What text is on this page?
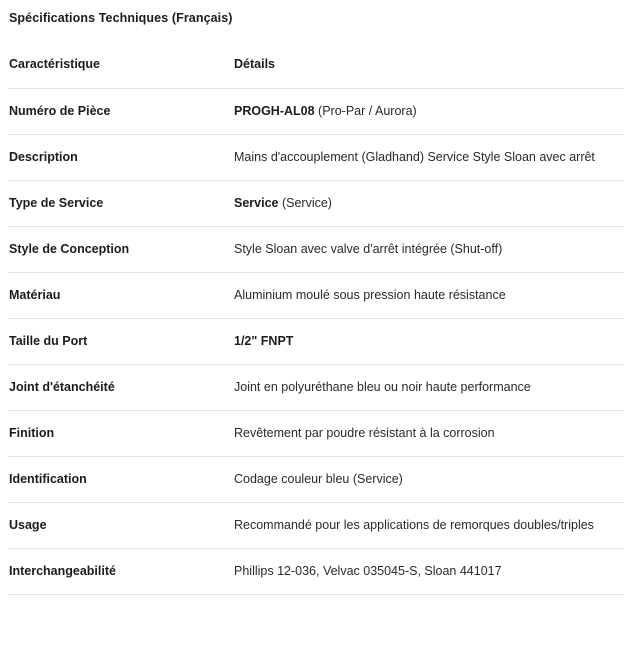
Spécifications Techniques (Français)
Caractéristique	Détails

Numéro de Pièce	PROGH-AL08 (Pro-Par / Aurora)

Description	Mains d'accouplement (Gladhand) Service Style Sloan avec arrêt

Type de Service	Service (Service)

Style de Conception	Style Sloan avec valve d'arrêt intégrée (Shut-off)

Matériau	Aluminium moulé sous pression haute résistance

Taille du Port	1/2" FNPT

Joint d'étanchéité	Joint en polyuréthane bleu ou noir haute performance

Finition	Revêtement par poudre résistant à la corrosion

Identification	Codage couleur bleu (Service)

Usage	Recommandé pour les applications de remorques doubles/triples

Interchangeabilité	Phillips 12-036, Velvac 035045-S, Sloan 441017
